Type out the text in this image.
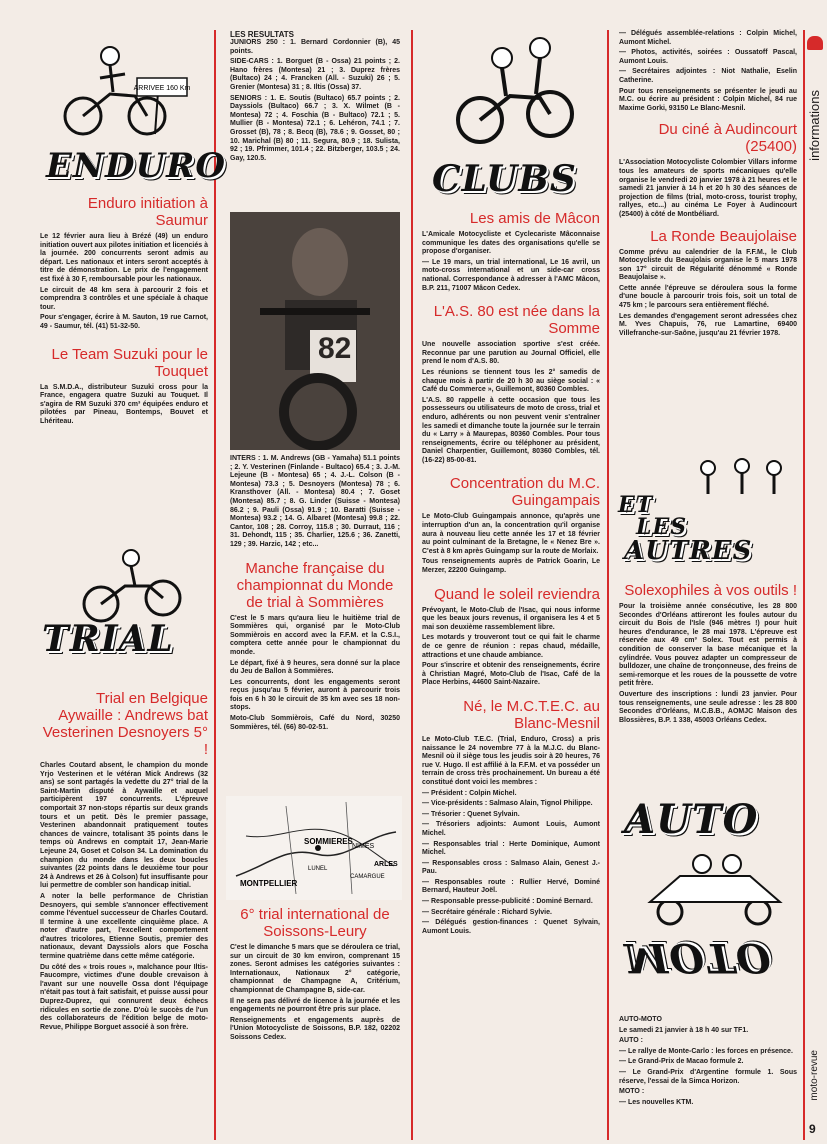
ARRIVEE 160 Km
ENDURO
Enduro initiation à Saumur

Le 12 février aura lieu à Brézé (49) un enduro initiation ouvert aux pilotes initiation et licenciés à la journée. 200 concurrents seront admis au départ. Les nationaux et inters seront acceptés à titre de démonstration. Le prix de l'engagement est fixé à 30 F, remboursable pour les nationaux.

Le circuit de 48 km sera à parcourir 2 fois et comprendra 3 contrôles et une spéciale à chaque tour.

Pour s'engager, écrire à M. Sauton, 19 rue Carnot, 49 - Saumur, tél. (41) 51-32-50.

Le Team Suzuki pour le Touquet

La S.M.D.A., distributeur Suzuki cross pour la France, engagera quatre Suzuki au Touquet. Il s'agira de RM Suzuki 370 cm³ équipées enduro et pilotées par Pineau, Bontemps, Bouvet et Lhériteau.

TRIAL
Trial en Belgique Aywaille : Andrews bat Vesterinen Desnoyers 5° !

Charles Coutard absent, le champion du monde Yrjo Vesterinen et le vétéran Mick Andrews (32 ans) se sont partagés la vedette du 27° trial de la Saint-Martin disputé à Aywaille et auquel participèrent 197 concurrents. L'épreuve comportait 37 non-stops répartis sur deux grands tours et un petit. Dès le premier passage, Vesterinen abandonnait pratiquement toutes chances de vaincre, totalisant 35 points dans le temps où Andrews en comptait 17, Jean-Marie Lejeune 24, Goset et Colson 34. La domination du champion du monde dans les deux boucles suivantes (22 points dans le deuxième tour pour 24 à Andrews et 26 à Colson) fut insuffisante pour lui permettre de combler son handicap initial.

A noter la belle performance de Christian Desnoyers, qui semble s'annoncer effectivement comme l'éventuel successeur de Charles Coutard. Il termine à une excellente cinquième place. A noter d'autre part, l'excellent comportement d'autres tricolores, Etienne Soutis, premier des nationaux, devant Dayssiols alors que Foscha termine quatrième dans cette même catégorie.

Du côté des « trois roues », malchance pour Iltis-Faucompre, victimes d'une double crevaison à l'avant sur une nouvelle Ossa dont l'équipage n'était pas tout à fait satisfait, et puisse aussi pour Duprez-Duprez, qui connurent deux échecs ridicules en sortie de zone. D'où le succès de l'un des collaborateurs de l'édition belge de moto-Revue, Philippe Borguet associé à son frère.

LES RESULTATS

JUNIORS 250 : 1. Bernard Cordonnier (B), 45 points.

SIDE-CARS : 1. Borguet (B - Ossa) 21 points ; 2. Hano frères (Montesa) 21 ; 3. Duprez frères (Bultaco) 24 ; 4. Francken (All. - Suzuki) 26 ; 5. Grenier (Montesa) 31 ; 8. Iltis (Ossa) 37.

SENIORS : 1. E. Soutis (Bultaco) 65.7 points ; 2. Dayssiols (Bultaco) 66.7 ; 3. X. Wilmet (B - Montesa) 72 ; 4. Foschia (B - Bultaco) 72.1 ; 5. Mullier (B - Montesa) 72.1 ; 6. Lehéron, 74.1 ; 7. Grosset (B), 78 ; 8. Becq (B), 78.6 ; 9. Gosset, 80 ; 10. Marichal (B) 80 ; 11. Segura, 80.9 ; 18. Sulista, 92 ; 19. Pfrimmer, 101.4 ; 22. Bitzberger, 103.5 ; 24. Gay, 120.5.

82

INTERS : 1. M. Andrews (GB - Yamaha) 51.1 points ; 2. Y. Vesterinen (Finlande - Bultaco) 65.4 ; 3. J.-M. Lejeune (B - Montesa) 65 ; 4. J.-L. Colson (B - Montesa) 73.3 ; 5. Desnoyers (Montesa) 78 ; 6. Kransthover (All. - Montesa) 80.4 ; 7. Goset (Montesa) 85.7 ; 8. G. Linder (Suisse - Montesa) 86.2 ; 9. Pauli (Ossa) 91.9 ; 10. Baratti (Suisse - Montesa) 93.2 ; 14. G. Albaret (Montesa) 99.8 ; 22. Cantor, 108 ; 28. Corroy, 115.8 ; 30. Durraut, 116 ; 31. Dehondt, 115 ; 35. Charlier, 125.6 ; 36. Zanetti, 129 ; 39. Harzic, 142 ; etc...

Manche française du championnat du Monde de trial à Sommières

C'est le 5 mars qu'aura lieu le huitième trial de Sommières qui, organisé par le Moto-Club Sommièrois en accord avec la F.F.M. et la C.S.I., comptera cette année pour le championnat du monde.

Le départ, fixé à 9 heures, sera donné sur la place du Jeu de Ballon à Sommières.

Les concurrents, dont les engagements seront reçus jusqu'au 5 février, auront à parcourir trois fois en 6 h 30 le circuit de 35 km avec ses 18 non-stops.

Moto-Club Sommièrois, Café du Nord, 30250 Sommières, tél. (66) 80-02-51.

MONTPELLIER
SOMMIERES
NIMES
ARLES
CAMARGUE
LUNEL
6° trial international de Soissons-Leury

C'est le dimanche 5 mars que se déroulera ce trial, sur un circuit de 30 km environ, comprenant 15 zones. Seront admises les catégories suivantes : Internationaux, Nationaux 2° catégorie, championnat de Champagne A, Critérium, championnat de Champagne B, side-car.

Il ne sera pas délivré de licence à la journée et les engagements ne pourront être pris sur place.

Renseignements et engagements auprès de l'Union Motocycliste de Soissons, B.P. 182, 02202 Soissons Cedex.

CLUBS
Les amis de Mâcon

L'Amicale Motocycliste et Cyclecariste Mâconnaise communique les dates des organisations qu'elle se propose d'organiser.

— Le 19 mars, un trial international, Le 16 avril, un moto-cross international et un side-car cross national. Correspondance à adresser à l'AMC Mâcon, B.P. 211, 71007 Mâcon Cedex.

L'A.S. 80 est née dans la Somme

Une nouvelle association sportive s'est créée. Reconnue par une parution au Journal Officiel, elle prend le nom d'A.S. 80.

Les réunions se tiennent tous les 2° samedis de chaque mois à partir de 20 h 30 au siège social : « Café du Commerce », Guillemont, 80360 Combles.

L'A.S. 80 rappelle à cette occasion que tous les possesseurs ou utilisateurs de moto de cross, trial et enduro, adhérents ou non peuvent venir s'entraîner les samedi et dimanche toute la journée sur le terrain du « Larry » à Maurepas, 80360 Combles. Pour tous renseignements, écrire ou téléphoner au président, Daniel Charpentier, Guillemont, 80360 Combles, tél. (16-22) 85-00-81.

Concentration du M.C. Guingampais

Le Moto-Club Guingampais annonce, qu'après une interruption d'un an, la concentration qu'il organise aura à nouveau lieu cette année les 17 et 18 février au point culminant de la Bretagne, le « Nenez Bre ». C'est à 8 km après Guingamp sur la route de Morlaix.

Tous renseignements auprès de Patrick Goarin, Le Merzer, 22200 Guingamp.

Quand le soleil reviendra

Prévoyant, le Moto-Club de l'Isac, qui nous informe que les beaux jours revenus, il organisera les 4 et 5 mai son deuxième rassemblement libre.

Les motards y trouveront tout ce qui fait le charme de ce genre de réunion : repas chaud, médaille, attractions et une chaude ambiance.

Pour s'inscrire et obtenir des renseignements, écrire à Christian Magré, Moto-Club de l'Isac, Café de la Place Herbins, 44600 Saint-Nazaire.

Né, le M.C.T.E.C. au Blanc-Mesnil

Le Moto-Club T.E.C. (Trial, Enduro, Cross) a pris naissance le 24 novembre 77 à la M.J.C. du Blanc-Mesnil où il siège tous les jeudis soir à 20 heures, 76 rue V. Hugo. Il est affilié à la F.F.M. et va posséder un terrain de cross très prochainement. Un bureau a été constitué dont voici les membres :

— Président : Colpin Michel.

— Vice-présidents : Salmaso Alain, Tignol Philippe.

— Trésorier : Quenet Sylvain.

— Trésoriers adjoints: Aumont Louis, Aumont Michel.

— Responsables trial : Herte Dominique, Aumont Michel.

— Responsables cross : Salmaso Alain, Genest J.-Pau.

— Responsables route : Rullier Hervé, Dominé Bernard, Hauteur Joël.

— Responsable presse-publicité : Dominé Bernard.

— Secrétaire générale : Richard Sylvie.

— Délégués gestion-finances : Quenet Sylvain, Aumont Louis.

— Délégués assemblée-relations : Colpin Michel, Aumont Michel.

— Photos, activités, soirées : Oussatoff Pascal, Aumont Louis.

— Secrétaires adjointes : Niot Nathalie, Eselin Catherine.

Pour tous renseignements se présenter le jeudi au M.C. ou écrire au président : Colpin Michel, 84 rue Maxime Gorki, 93150 Le Blanc-Mesnil.

Du ciné à Audincourt (25400)

L'Association Motocycliste Colombier Villars informe tous les amateurs de sports mécaniques qu'elle organise le vendredi 20 janvier 1978 à 21 heures et le samedi 21 janvier à 14 h et 20 h 30 des séances de projection de films (trial, moto-cross, tourist trophy, rallyes, etc...) au cinéma Le Foyer à Audincourt (25400) à côté de Montbéliard.

La Ronde Beaujolaise

Comme prévu au calendrier de la F.F.M., le Club Motocycliste du Beaujolais organise le 5 mars 1978 son 17° circuit de Régularité dénommé « Ronde Beaujolaise ».

Cette année l'épreuve se déroulera sous la forme d'une boucle à parcourir trois fois, soit un total de 475 km ; le parcours sera entièrement fléché.

Les demandes d'engagement seront adressées chez M. Yves Chapuis, 76, rue Lamartine, 69400 Villefranche-sur-Saône, jusqu'au 21 février 1978.

ET
LES
AUTRES
Solexophiles à vos outils !

Pour la troisième année consécutive, les 28 800 Secondes d'Orléans attireront les foules autour du circuit du Bois de l'Isle (946 mètres !) pour huit heures d'endurance, le 28 mai 1978. L'épreuve est réservée aux 49 cm³ Solex. Tout est permis à condition de conserver la base mécanique et la cylindrée. Vous pouvez adapter un compresseur de bulldozer, une chaîne de tronçonneuse, des freins de semi-remorque et les roues de la poussette de votre petit frère.

Ouverture des inscriptions : lundi 23 janvier. Pour tous renseignements, une seule adresse : les 28 800 Secondes d'Orléans, M.C.B.B., AOMJC Maison des Blossières, B.P. 1 338, 45003 Orléans Cedex.

AUTO
MOTO

AUTO-MOTO

Le samedi 21 janvier à 18 h 40 sur TF1.

AUTO :

— Le rallye de Monte-Carlo : les forces en présence.

— Le Grand-Prix de Macao formule 2.

— Le Grand-Prix d'Argentine formule 1. Sous réserve, l'essai de la Simca Horizon.

MOTO :

— Les nouvelles KTM.

informations
moto-revue
9
